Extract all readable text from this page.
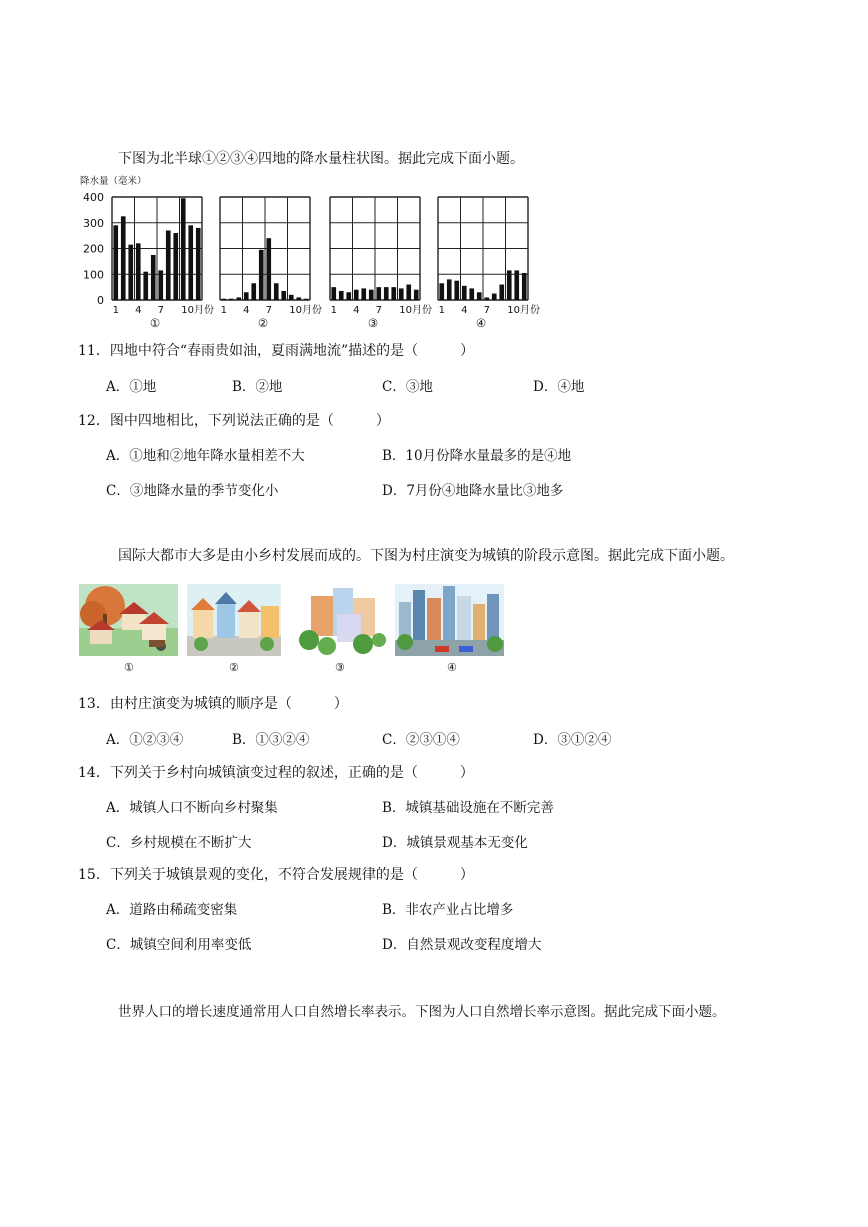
下图为北半球①②③④四地的降水量柱状图。据此完成下面小题。
降水量（毫米）
400
300
200
100
0
1 4 7 10月份
①
1 4 7 10月份
②
1 4 7 10月份
③
1 4 7 10月份
④
11．四地中符合“春雨贵如油，夏雨满地流”描述的是（　　　）
A．①地	B．②地	C．③地	D．④地
12．图中四地相比，下列说法正确的是（　　　）
A．①地和②地年降水量相差不大	B．10月份降水量最多的是④地
C．③地降水量的季节变化小	D．7月份④地降水量比③地多
国际大都市大多是由小乡村发展而成的。下图为村庄演变为城镇的阶段示意图。据此完成下面小题。
①	②	③	④
13．由村庄演变为城镇的顺序是（　　　）
A．①②③④	B．①③②④	C．②③①④	D．③①②④
14．下列关于乡村向城镇演变过程的叙述，正确的是（　　　）
A．城镇人口不断向乡村聚集	B．城镇基础设施在不断完善
C．乡村规模在不断扩大	D．城镇景观基本无变化
15．下列关于城镇景观的变化，不符合发展规律的是（　　　）
A．道路由稀疏变密集	B．非农产业占比增多
C．城镇空间利用率变低	D．自然景观改变程度增大
世界人口的增长速度通常用人口自然增长率表示。下图为人口自然增长率示意图。据此完成下面小题。
